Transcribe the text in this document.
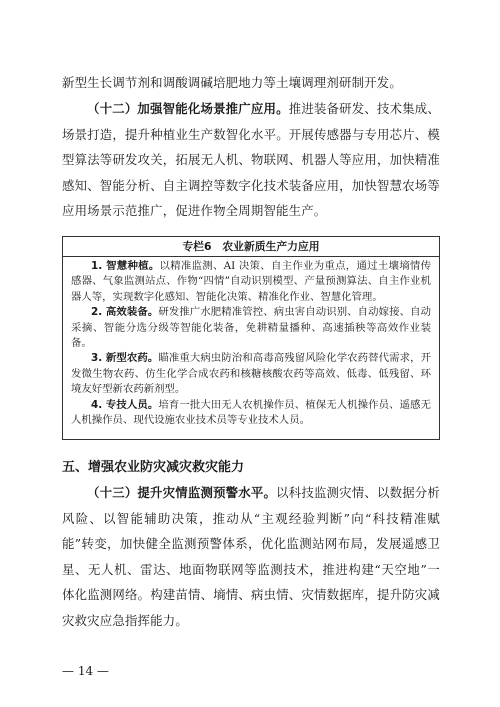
新型生长调节剂和调酸调碱培肥地力等土壤调理剂研制开发。

（十二）加强智能化场景推广应用。推进装备研发、技术集成、场景打造，提升种植业生产数智化水平。开展传感器与专用芯片、模型算法等研发攻关，拓展无人机、物联网、机器人等应用，加快精准感知、智能分析、自主调控等数字化技术装备应用，加快智慧农场等应用场景示范推广，促进作物全周期智能生产。

专栏6　农业新质生产力应用

1. 智慧种植。以精准监测、AI 决策、自主作业为重点，通过土壤墒情传感器、气象监测站点、作物“四情”自动识别模型、产量预测算法、自主作业机器人等，实现数字化感知、智能化决策、精准化作业、智慧化管理。

2. 高效装备。研发推广水肥精准管控、病虫害自动识别、自动嫁接、自动采摘、智能分选分级等智能化装备，免耕精量播种、高速插秧等高效作业装备。

3. 新型农药。瞄准重大病虫防治和高毒高残留风险化学农药替代需求，开发微生物农药、仿生化学合成农药和核糖核酸农药等高效、低毒、低残留、环境友好型新农药新剂型。

4. 专技人员。培育一批大田无人农机操作员、植保无人机操作员、遥感无人机操作员、现代设施农业技术员等专业技术人员。

五、增强农业防灾减灾救灾能力

（十三）提升灾情监测预警水平。以科技监测灾情、以数据分析风险、以智能辅助决策，推动从“主观经验判断”向“科技精准赋能”转变，加快健全监测预警体系，优化监测站网布局，发展遥感卫星、无人机、雷达、地面物联网等监测技术，推进构建“天空地”一体化监测网络。构建苗情、墒情、病虫情、灾情数据库，提升防灾减灾救灾应急指挥能力。

— 14 —
